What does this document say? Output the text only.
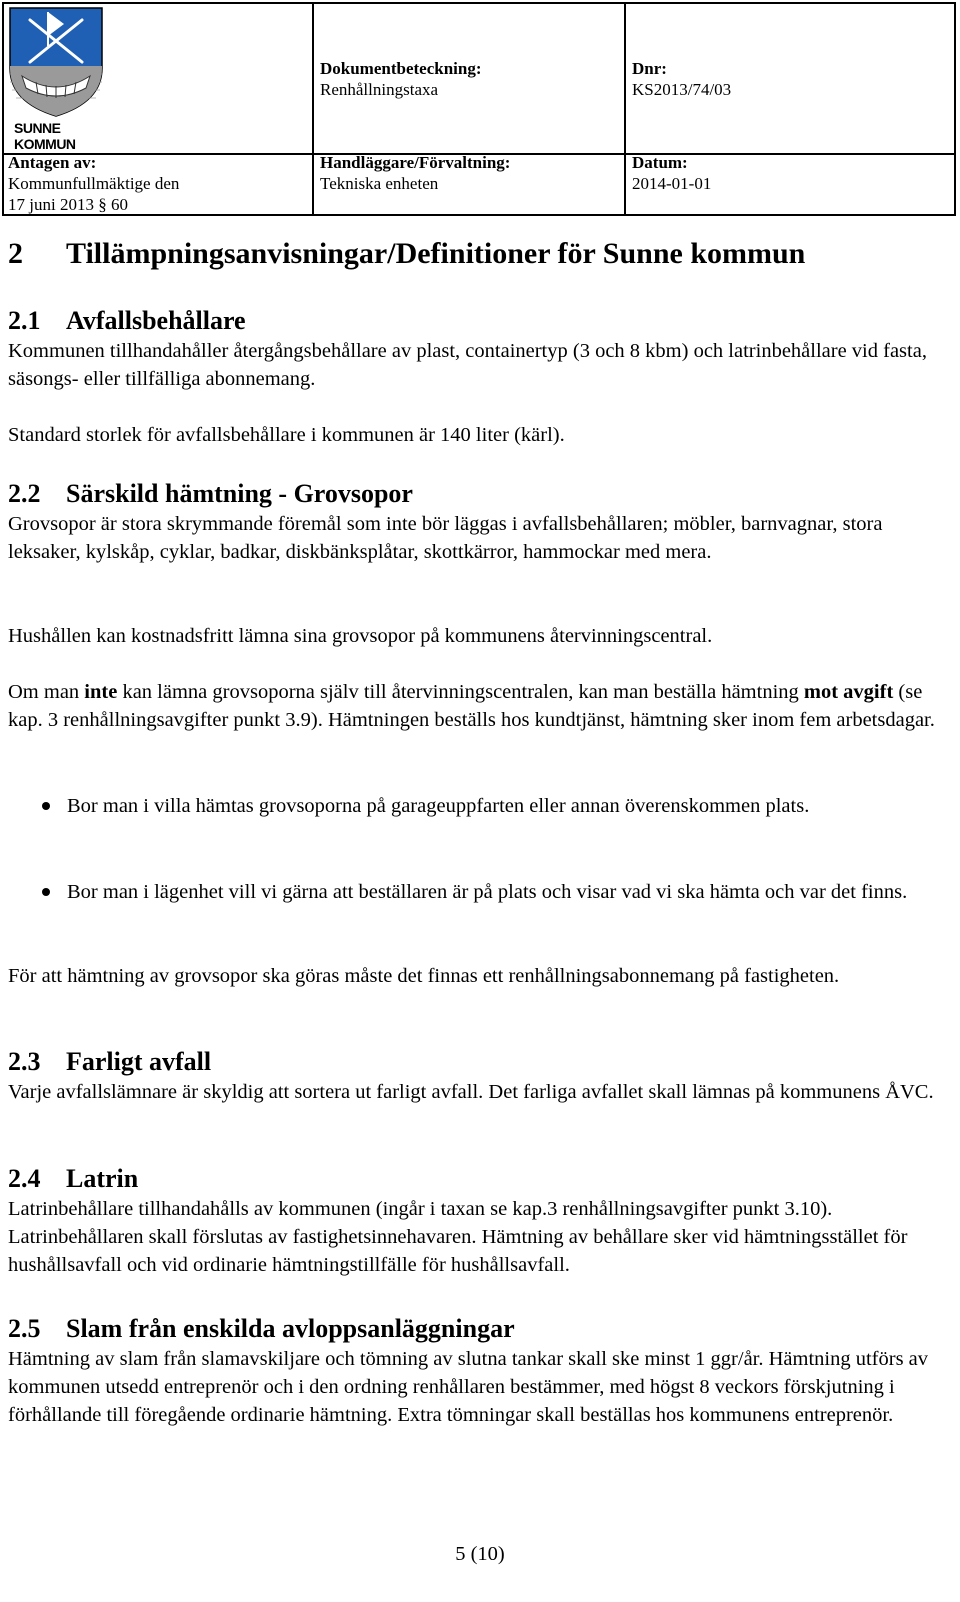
SUNNE KOMMUN
Dokumentbeteckning:
Renhållningstaxa
Dnr:
KS2013/74/03
Antagen av:
Kommunfullmäktige den
17 juni 2013 § 60
Handläggare/Förvaltning:
Tekniska enheten
Datum:
2014-01-01
2 Tillämpningsanvisningar/Definitioner för Sunne kommun
2.1 Avfallsbehållare

Kommunen tillhandahåller återgångsbehållare av plast, containertyp (3 och 8 kbm) och latrinbehållare vid fasta, säsongs- eller tillfälliga abonnemang.

Standard storlek för avfallsbehållare i kommunen är 140 liter (kärl).

2.2 Särskild hämtning - Grovsopor

Grovsopor är stora skrymmande föremål som inte bör läggas i avfallsbehållaren; möbler, barnvagnar, stora leksaker, kylskåp, cyklar, badkar, diskbänksplåtar, skottkärror, hammockar med mera.

Hushållen kan kostnadsfritt lämna sina grovsopor på kommunens återvinningscentral.

Om man inte kan lämna grovsoporna själv till återvinningscentralen, kan man beställa hämtning mot avgift (se kap. 3 renhållningsavgifter punkt 3.9). Hämtningen beställs hos kundtjänst, hämtning sker inom fem arbetsdagar.

Bor man i villa hämtas grovsoporna på garageuppfarten eller annan överenskommen plats.
Bor man i lägenhet vill vi gärna att beställaren är på plats och visar vad vi ska hämta och var det finns.

För att hämtning av grovsopor ska göras måste det finnas ett renhållningsabonnemang på fastigheten.

2.3 Farligt avfall

Varje avfallslämnare är skyldig att sortera ut farligt avfall. Det farliga avfallet skall lämnas på kommunens ÅVC.

2.4 Latrin

Latrinbehållare tillhandahålls av kommunen (ingår i taxan se kap.3 renhållningsavgifter punkt 3.10). Latrinbehållaren skall förslutas av fastighetsinnehavaren. Hämtning av behållare sker vid hämtningsstället för hushållsavfall och vid ordinarie hämtningstillfälle för hushållsavfall.

2.5 Slam från enskilda avloppsanläggningar

Hämtning av slam från slamavskiljare och tömning av slutna tankar skall ske minst 1 ggr/år. Hämtning utförs av kommunen utsedd entreprenör och i den ordning renhållaren bestämmer, med högst 8 veckors förskjutning i förhållande till föregående ordinarie hämtning. Extra tömningar skall beställas hos kommunens entreprenör.

5 (10)
